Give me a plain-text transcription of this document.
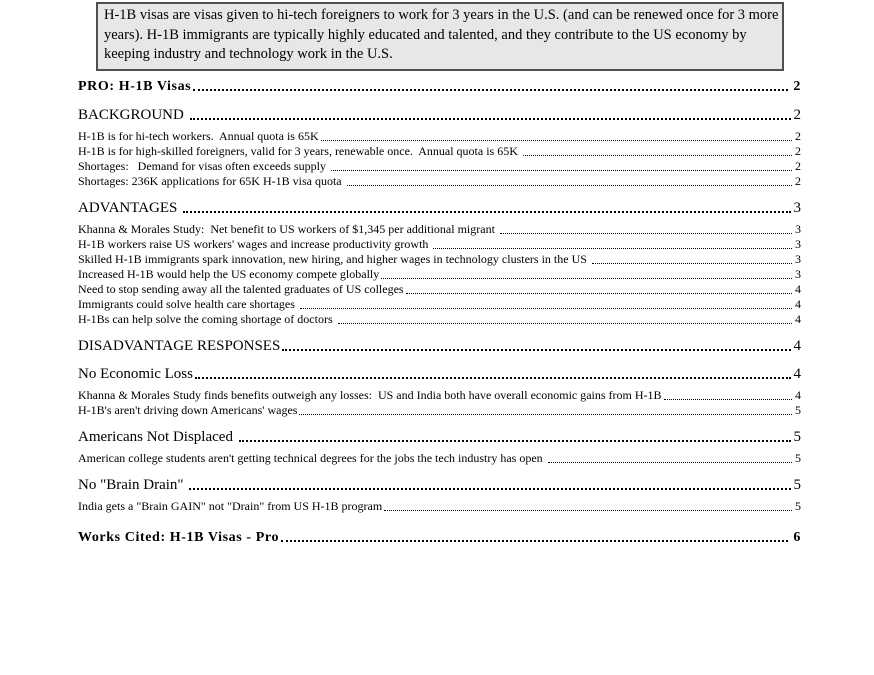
H-1B visas are visas given to hi-tech foreigners to work for 3 years in the U.S. (and can be renewed once for 3 more

years). H-1B immigrants are typically highly educated and talented, and they contribute to the US economy by

keeping industry and technology work in the U.S.

PRO: H-1B Visas	2
BACKGROUND	2
H-1B is for hi-tech workers.  Annual quota is 65K	2
H-1B is for high-skilled foreigners, valid for 3 years, renewable once.  Annual quota is 65K	2
Shortages:   Demand for visas often exceeds supply	2
Shortages: 236K applications for 65K H-1B visa quota	2
ADVANTAGES	3
Khanna & Morales Study:  Net benefit to US workers of $1,345 per additional migrant	3
H-1B workers raise US workers' wages and increase productivity growth	3
Skilled H-1B immigrants spark innovation, new hiring, and higher wages in technology clusters in the US	3
Increased H-1B would help the US economy compete globally	3
Need to stop sending away all the talented graduates of US colleges	4
Immigrants could solve health care shortages	4
H-1Bs can help solve the coming shortage of doctors	4
DISADVANTAGE RESPONSES	4
No Economic Loss	4
Khanna & Morales Study finds benefits outweigh any losses:  US and India both have overall economic gains from H-1B	4
H-1B's aren't driving down Americans' wages	5
Americans Not Displaced	5
American college students aren't getting technical degrees for the jobs the tech industry has open	5
No "Brain Drain"	5
India gets a "Brain GAIN" not "Drain" from US H-1B program	5
Works Cited: H-1B Visas - Pro	6
